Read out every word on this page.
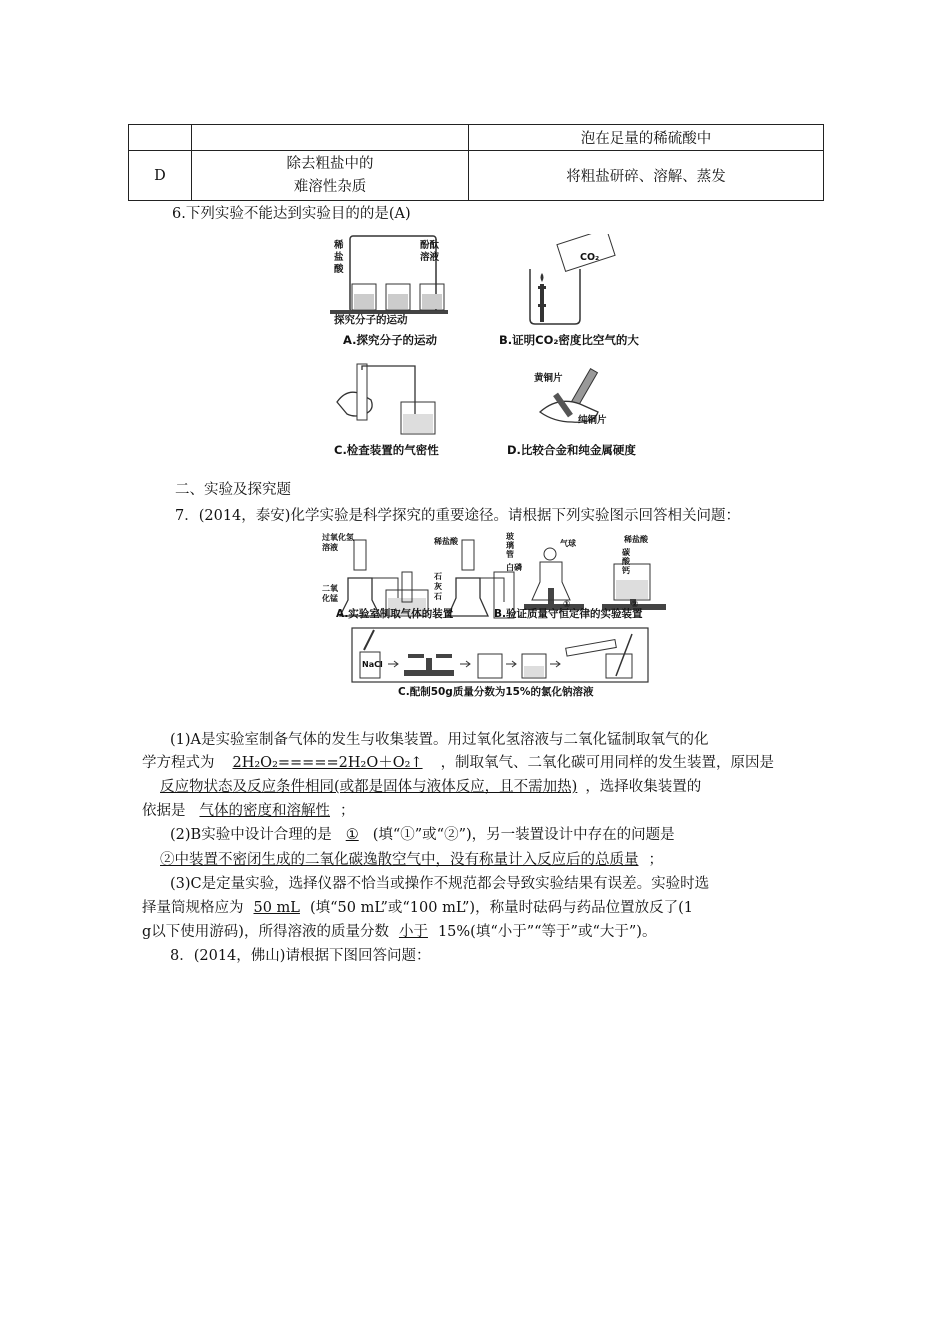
		泡在足量的稀硫酸中
D	除去粗盐中的
难溶性杂质	将粗盐研碎、溶解、蒸发
6.下列实验不能达到实验目的的是(A)
稀盐酸
酚酞溶液
探究分子的运动
A.探究分子的运动
CO₂
B.证明CO₂密度比空气的大
C.检查装置的气密性
黄铜片
纯铜片
D.比较合金和纯金属硬度
二、实验及探究题
7．(2014，泰安)化学实验是科学探究的重要途径。请根据下列实验图示回答相关问题：
过氧化氢溶液
二氧化锰
稀盐酸
石灰石
玻璃管
白磷
气球	稀盐酸
碳酸钙
①	②
A.实验室制取气体的装置	B.验证质量守恒定律的实验装置
NaCl
C.配制50g质量分数为15%的氯化钠溶液
(1)A是实验室制备气体的发生与收集装置。用过氧化氢溶液与二氧化锰制取氧气的化
学方程式为 2H₂O₂=====2H₂O＋O₂↑ ，制取氧气、二氧化碳可用同样的发生装置，原因是
反应物状态及反应条件相同(或都是固体与液体反应，且不需加热) ，选择收集装置的
依据是 气体的密度和溶解性 ；
(2)B实验中设计合理的是 ① (填“①”或“②”)，另一装置设计中存在的问题是
②中装置不密闭生成的二氧化碳逸散空气中，没有称量计入反应后的总质量 ；
(3)C是定量实验，选择仪器不恰当或操作不规范都会导致实验结果有误差。实验时选
择量筒规格应为 50 mL (填“50 mL”或“100 mL”)，称量时砝码与药品位置放反了(1
g以下使用游码)，所得溶液的质量分数 小于 15%(填“小于”“等于”或“大于”)。
8．(2014，佛山)请根据下图回答问题：
